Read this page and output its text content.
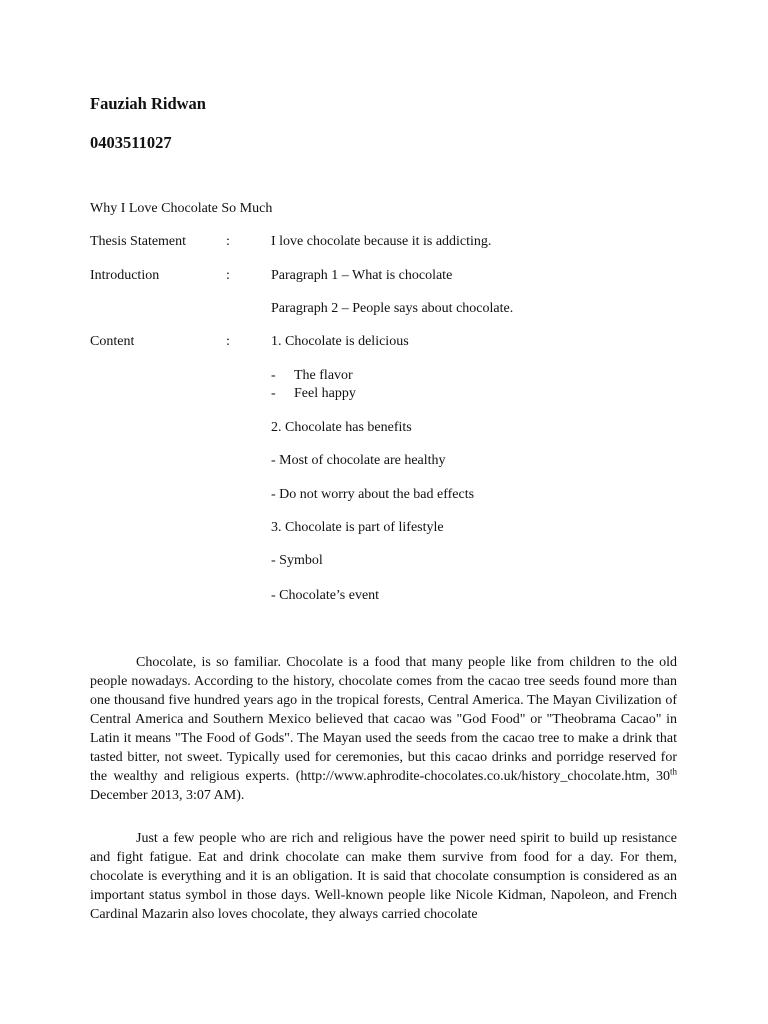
Fauziah Ridwan
0403511027
Why I Love Chocolate So Much
Thesis Statement	:	I love chocolate because it is addicting.
Introduction	:	Paragraph 1 – What is chocolate
Paragraph 2 – People says about chocolate.
Content	:	1. Chocolate is delicious
- The flavor
- Feel happy
2. Chocolate has benefits
- Most of chocolate are healthy
- Do not worry about the bad effects
3. Chocolate is part of lifestyle
- Symbol
- Chocolate’s event

Chocolate, is so familiar. Chocolate is a food that many people like from children to the old people nowadays. According to the history, chocolate comes from the cacao tree seeds found more than one thousand five hundred years ago in the tropical forests, Central America. The Mayan Civilization of Central America and Southern Mexico believed that cacao was "God Food" or "Theobrama Cacao" in Latin it means "The Food of Gods". The Mayan used the seeds from the cacao tree to make a drink that tasted bitter, not sweet. Typically used for ceremonies, but this cacao drinks and porridge reserved for the wealthy and religious experts. (http://www.aphrodite-chocolates.co.uk/history_chocolate.htm, 30th December 2013, 3:07 AM).

Just a few people who are rich and religious have the power need spirit to build up resistance and fight fatigue. Eat and drink chocolate can make them survive from food for a day. For them, chocolate is everything and it is an obligation. It is said that chocolate consumption is considered as an important status symbol in those days. Well-known people like Nicole Kidman, Napoleon, and French Cardinal Mazarin also loves chocolate, they always carried chocolate
